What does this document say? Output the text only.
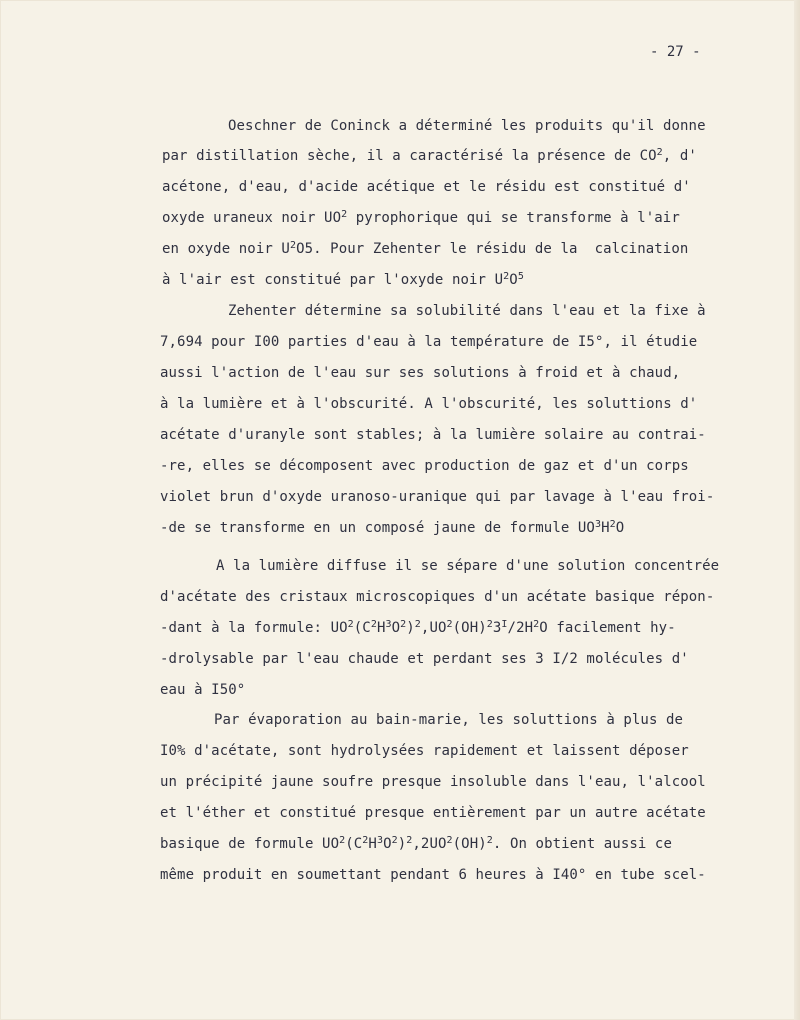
- 27 -
Oeschner de Coninck a déterminé les produits qu'il donne
par distillation sèche, il a caractérisé la présence de $CO^2$, d'
acétone, d'eau, d'acide acétique et le résidu est constitué d'
oxyde uraneux noir $UO^2$ pyrophorique qui se transforme à l'air
en oxyde noir $U^2O5$. Pour Zehenter le résidu de la  calcination
à l'air est constitué par l'oxyde noir $U^2O^5$
Zehenter détermine sa solubilité dans l'eau et la fixe à
7,694 pour I00 parties d'eau à la température de I5°, il étudie
aussi l'action de l'eau sur ses solutions à froid et à chaud,
à la lumière et à l'obscurité. A l'obscurité, les soluttions d'
acétate d'uranyle sont stables; à la lumière solaire au contrai-
-re, elles se décomposent avec production de gaz et d'un corps
violet brun d'oxyde uranoso-uranique qui par lavage à l'eau froi-
-de se transforme en un composé jaune de formule $UO^3H^2O$
A la lumière diffuse il se sépare d'une solution concentrée
d'acétate des cristaux microscopiques d'un acétate basique répon-
-dant à la formule: $UO^2(C^2H^3O^2)^2,UO^2(OH)^23^I/2H^2O$ facilement hy-
-drolysable par l'eau chaude et perdant ses 3 I/2 molécules d'
eau à I50°
Par évaporation au bain-marie, les soluttions à plus de
I0% d'acétate, sont hydrolysées rapidement et laissent déposer
un précipité jaune soufre presque insoluble dans l'eau, l'alcool
et l'éther et constitué presque entièrement par un autre acétate
basique de formule $UO^2(C^2H^3O^2)^2,2UO^2(OH)^2$. On obtient aussi ce
même produit en soumettant pendant 6 heures à I40° en tube scel-
